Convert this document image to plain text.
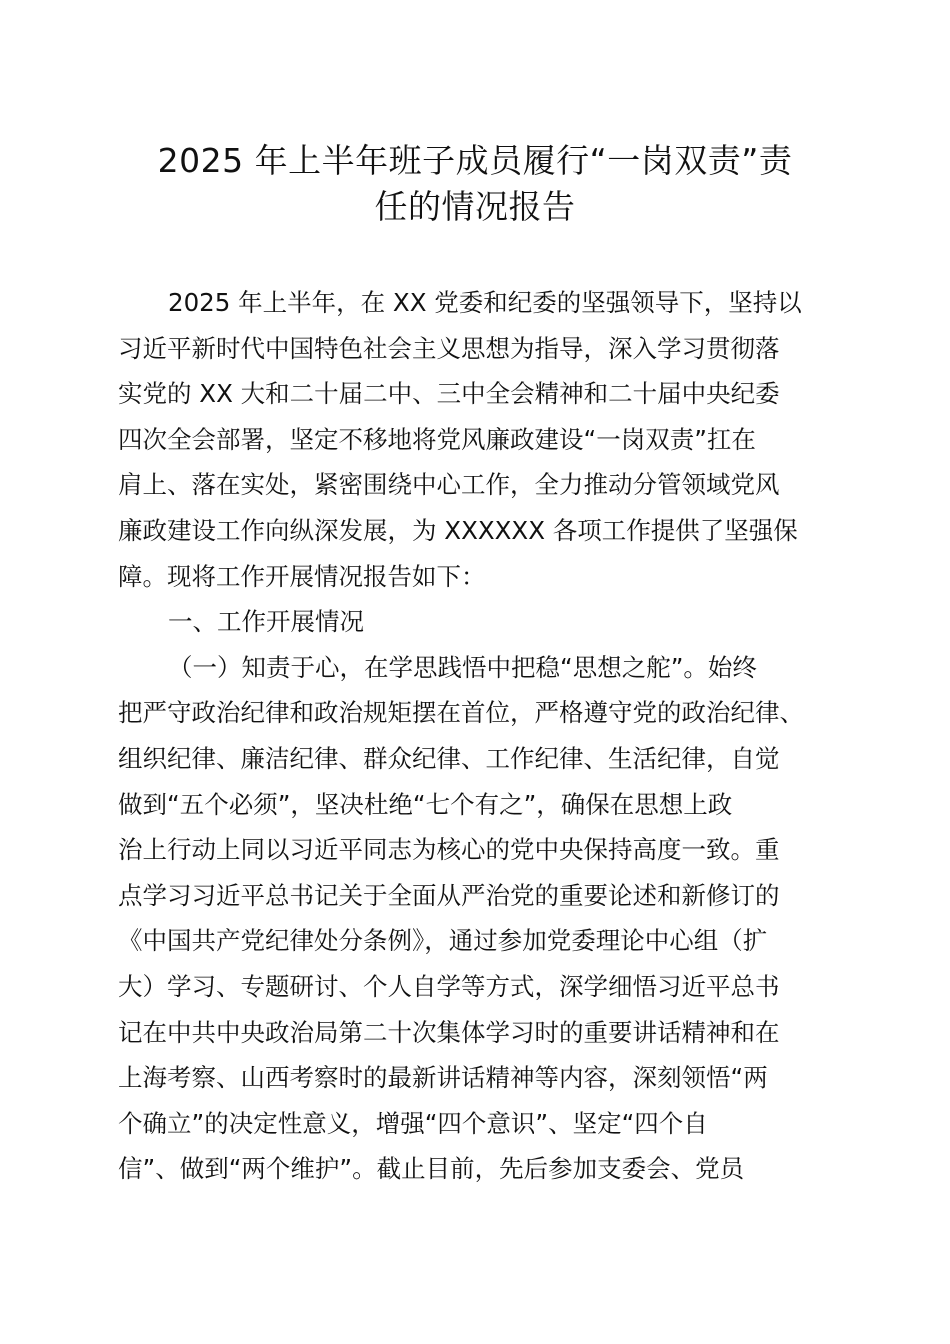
2025 年上半年班子成员履行“一岗双责”责
任的情况报告
2025 年上半年，在 XX 党委和纪委的坚强领导下，坚持以
习近平新时代中国特色社会主义思想为指导，深入学习贯彻落
实党的 XX 大和二十届二中、三中全会精神和二十届中央纪委
四次全会部署，坚定不移地将党风廉政建设“一岗双责”扛在
肩上、落在实处，紧密围绕中心工作，全力推动分管领域党风
廉政建设工作向纵深发展，为 XXXXXX 各项工作提供了坚强保
障。现将工作开展情况报告如下：
一、工作开展情况
（一）知责于心，在学思践悟中把稳“思想之舵”。始终
把严守政治纪律和政治规矩摆在首位，严格遵守党的政治纪律、
组织纪律、廉洁纪律、群众纪律、工作纪律、生活纪律，自觉
做到“五个必须”，坚决杜绝“七个有之”，确保在思想上政
治上行动上同以习近平同志为核心的党中央保持高度一致。重
点学习习近平总书记关于全面从严治党的重要论述和新修订的
《中国共产党纪律处分条例》，通过参加党委理论中心组（扩
大）学习、专题研讨、个人自学等方式，深学细悟习近平总书
记在中共中央政治局第二十次集体学习时的重要讲话精神和在
上海考察、山西考察时的最新讲话精神等内容，深刻领悟“两
个确立”的决定性意义，增强“四个意识”、坚定“四个自
信”、做到“两个维护”。截止目前，先后参加支委会、党员
